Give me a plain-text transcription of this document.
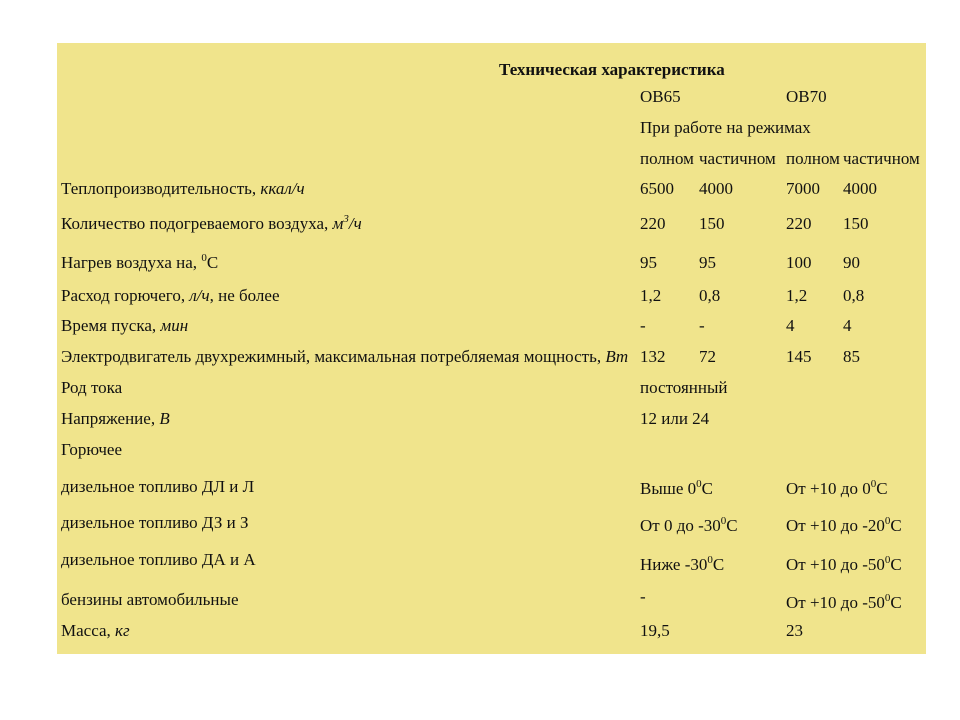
Техническая характеристика
ОВ65	ОВ70
При работе на режимах
полном частичном полном частичном
Теплопроизводительность, ккал/ч	6500 4000	7000 4000
Количество подогреваемого воздуха, $м^3/ч$	220 150	220 150
Нагрев воздуха на, $^0$С	95 95	100 90
Расход горючего, л/ч, не более	1,2 0,8	1,2 0,8
Время пуска, мин	-	-	4	4
Электродвигатель двухрежимный, максимальная потребляемая мощность, Вт 132 72	145 85
Род тока	постоянный
Напряжение, В	12 или 24
Горючее
дизельное топливо ДЛ и Л	Выше $0^0С$	От +10 до $0^0С$
дизельное топливо ДЗ и З	От 0 до $-30^0С$	От +10 до $-20^0С$
дизельное топливо ДА и А	Ниже $-30^0С$	От +10 до $-50^0С$
бензины автомобильные	-	От +10 до $-50^0С$
Масса, кг	19,5	23
